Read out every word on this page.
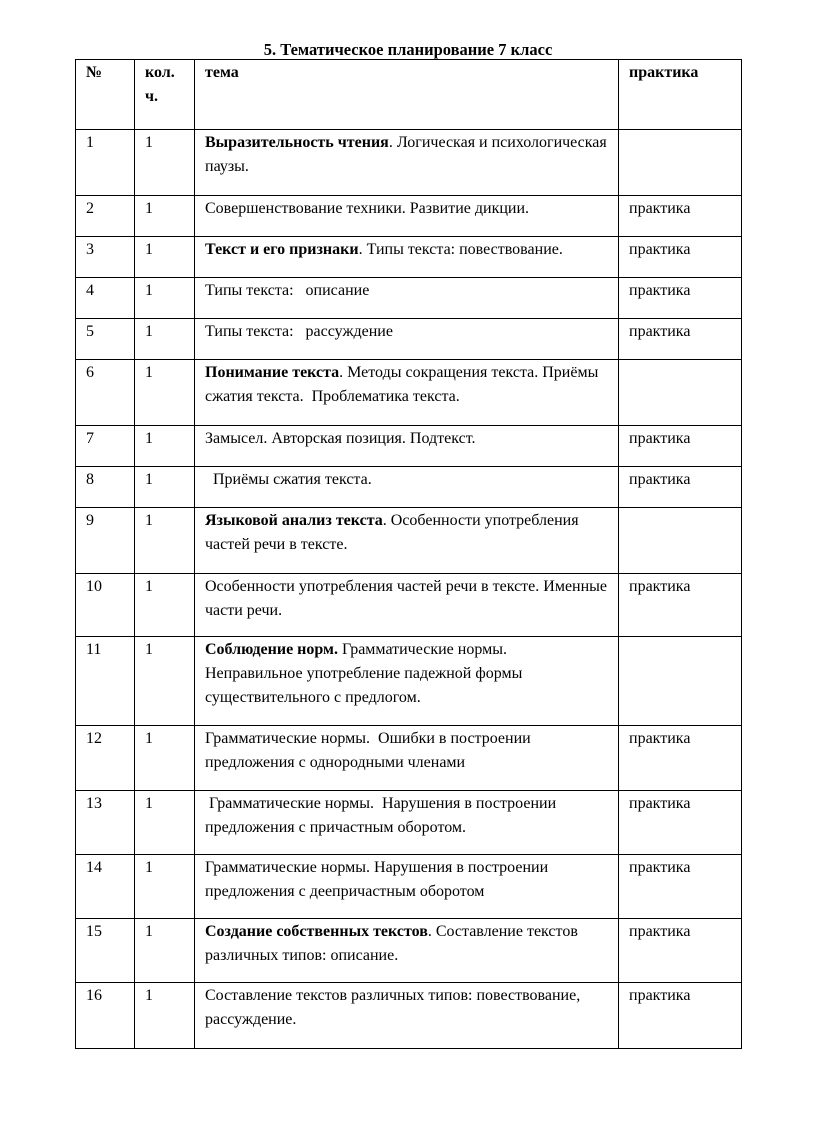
5. Тематическое планирование 7 класс
№	кол. ч.	тема	практика
1	1	Выразительность чтения. Логическая и психологическая паузы.	
2	1	Совершенствование техники. Развитие дикции.	практика
3	1	Текст и его признаки. Типы текста: повествование.	практика
4	1	Типы текста:   описание	практика
5	1	Типы текста:   рассуждение	практика
6	1	Понимание текста. Методы сокращения текста. Приёмы сжатия текста.  Проблематика текста.	
7	1	Замысел. Авторская позиция. Подтекст.	практика
8	1	Приёмы сжатия текста.	практика
9	1	Языковой анализ текста. Особенности употребления частей речи в тексте.	
10	1	Особенности употребления частей речи в тексте. Именные части речи.	практика
11	1	Соблюдение норм. Грамматические нормы.   Неправильное употребление падежной формы существительного с предлогом.	
12	1	Грамматические нормы.  Ошибки в построении предложения с однородными членами	практика
13	1	Грамматические нормы.  Нарушения в построении предложения с причастным оборотом.	практика
14	1	Грамматические нормы. Нарушения в построении предложения с деепричастным оборотом	практика
15	1	Создание собственных текстов. Составление текстов различных типов: описание.	практика
16	1	Составление текстов различных типов: повествование, рассуждение.	практика
